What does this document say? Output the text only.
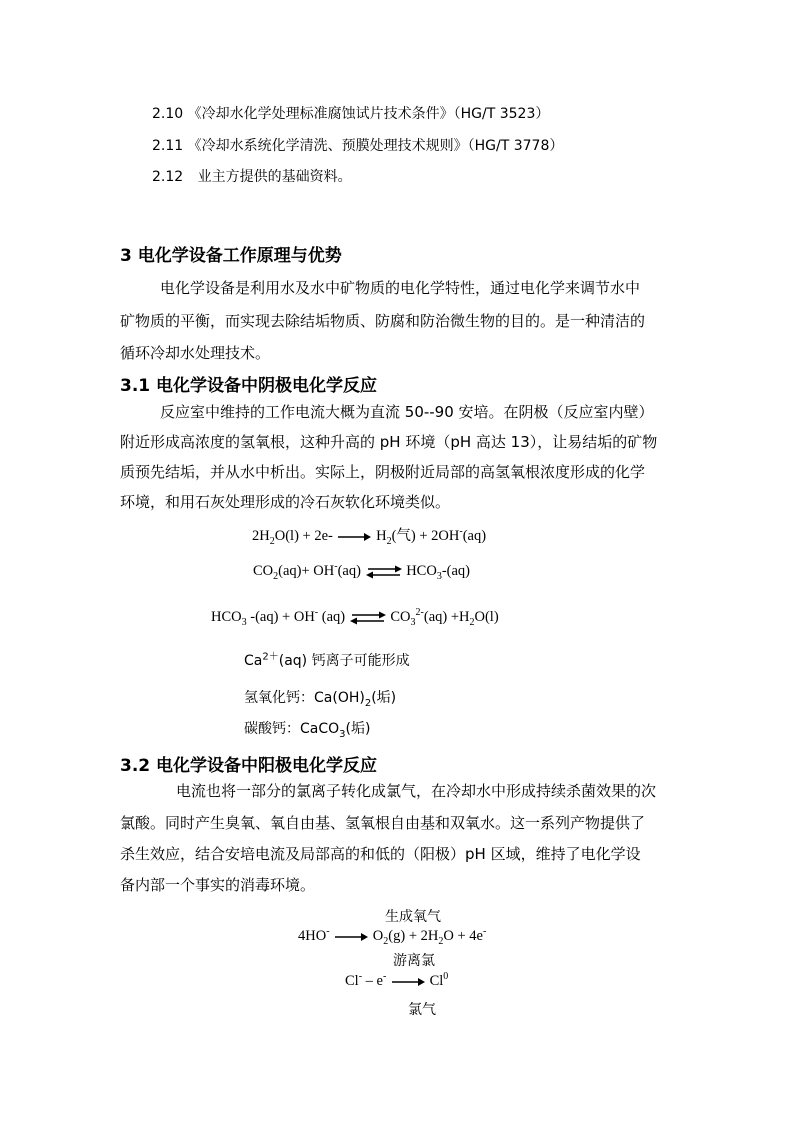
2.10 《冷却水化学处理标准腐蚀试片技术条件》（HG/T 3523）
2.11 《冷却水系统化学清洗、预膜处理技术规则》（HG/T 3778）
2.12 业主方提供的基础资料。
3 电化学设备工作原理与优势
电化学设备是利用水及水中矿物质的电化学特性，通过电化学来调节水中
矿物质的平衡，而实现去除结垢物质、防腐和防治微生物的目的。是一种清洁的
循环冷却水处理技术。
3.1 电化学设备中阴极电化学反应
反应室中维持的工作电流大概为直流 50--90 安培。在阴极（反应室内壁）
附近形成高浓度的氢氧根，这种升高的 pH 环境（pH 高达 13），让易结垢的矿物
质预先结垢，并从水中析出。实际上，阴极附近局部的高氢氧根浓度形成的化学
环境，和用石灰处理形成的冷石灰软化环境类似。
$2H_2O(l) + 2e-$	$H_2$(气) + 2OH-(aq)
$CO_2(aq)+ OH^-(aq)$ ⇌ $HCO_3-(aq)$
$HCO_3$ -(aq) + OH- (aq) ⇌ $CO_3^{2-}(aq) +H_2O(l)$
$Ca^{2+}(aq)$ 钙离子可能形成
氢氧化钙：$Ca(OH)_2$(垢)
碳酸钙：CaCO$_3$(垢)
3.2 电化学设备中阳极电化学反应
电流也将一部分的氯离子转化成氯气，在冷却水中形成持续杀菌效果的次
氯酸。同时产生臭氧、氧自由基、氢氧根自由基和双氧水。这一系列产物提供了
杀生效应，结合安培电流及局部高的和低的（阳极）pH 区域，维持了电化学设
备内部一个事实的消毒环境。
生成氧气
4HO-	$O_2(g) + 2H_2O + 4e^-$
游离氯
Cl- – e-	Cl$^0$
氯气
